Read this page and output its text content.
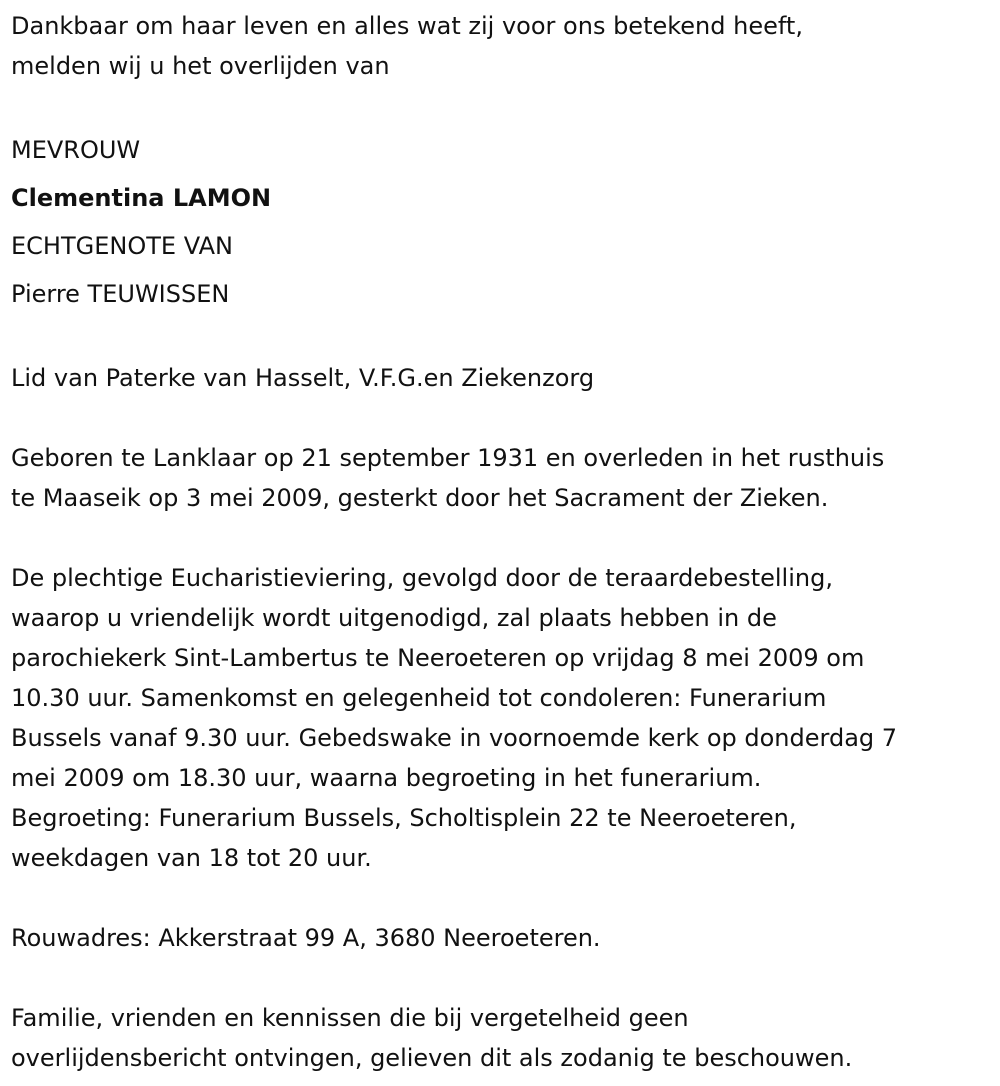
Dankbaar om haar leven en alles wat zij voor ons betekend heeft,

melden wij u het overlijden van

MEVROUW

Clementina LAMON

ECHTGENOTE VAN

Pierre TEUWISSEN

Lid van Paterke van Hasselt, V.F.G.en Ziekenzorg

Geboren te Lanklaar op 21 september 1931 en overleden in het rusthuis

te Maaseik op 3 mei 2009, gesterkt door het Sacrament der Zieken.

De plechtige Eucharistieviering, gevolgd door de teraardebestelling,

waarop u vriendelijk wordt uitgenodigd, zal plaats hebben in de

parochiekerk Sint-Lambertus te Neeroeteren op vrijdag 8 mei 2009 om

10.30 uur. Samenkomst en gelegenheid tot condoleren: Funerarium

Bussels vanaf 9.30 uur. Gebedswake in voornoemde kerk op donderdag 7

mei 2009 om 18.30 uur, waarna begroeting in het funerarium.

Begroeting: Funerarium Bussels, Scholtisplein 22 te Neeroeteren,

weekdagen van 18 tot 20 uur.

Rouwadres: Akkerstraat 99 A, 3680 Neeroeteren.

Familie, vrienden en kennissen die bij vergetelheid geen

overlijdensbericht ontvingen, gelieven dit als zodanig te beschouwen.
